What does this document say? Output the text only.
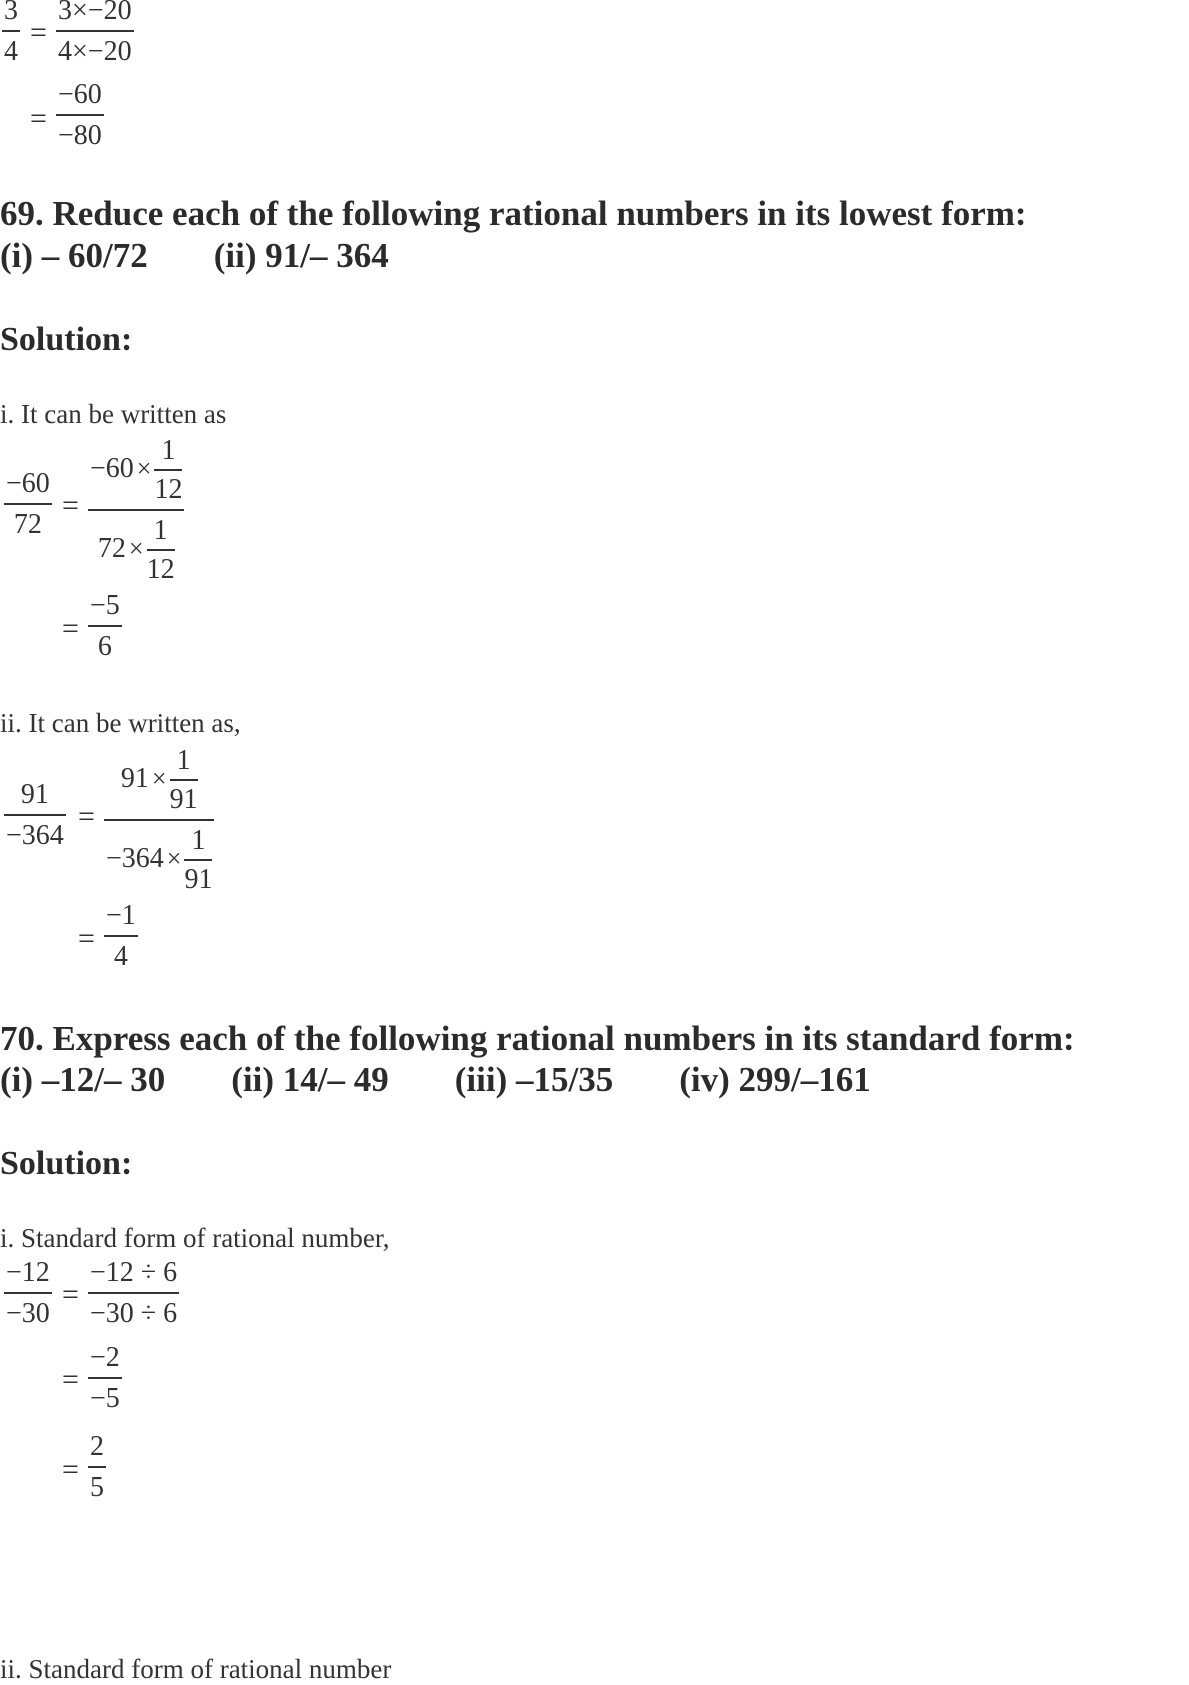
3
4
=
3×−20
4×−20
=
−60
−80
69. Reduce each of the following rational numbers in its lowest form:
(i) – 60/72 (ii) 91/– 364
Solution:
i. It can be written as
−60
72
=
$-60 \times \frac{1}{12}$
$72 \times \frac{1}{12}$
=
−5
6
ii. It can be written as,
91
−364
=
$91 \times \frac{1}{91}$
$-364 \times \frac{1}{91}$
=
−1
4
70. Express each of the following rational numbers in its standard form:
(i) –12/– 30 (ii) 14/– 49 (iii) –15/35 (iv) 299/–161
Solution:
i. Standard form of rational number,
−12
−30
=
−12 ÷ 6
−30 ÷ 6
=
−2
−5
=
2
5
ii. Standard form of rational number
